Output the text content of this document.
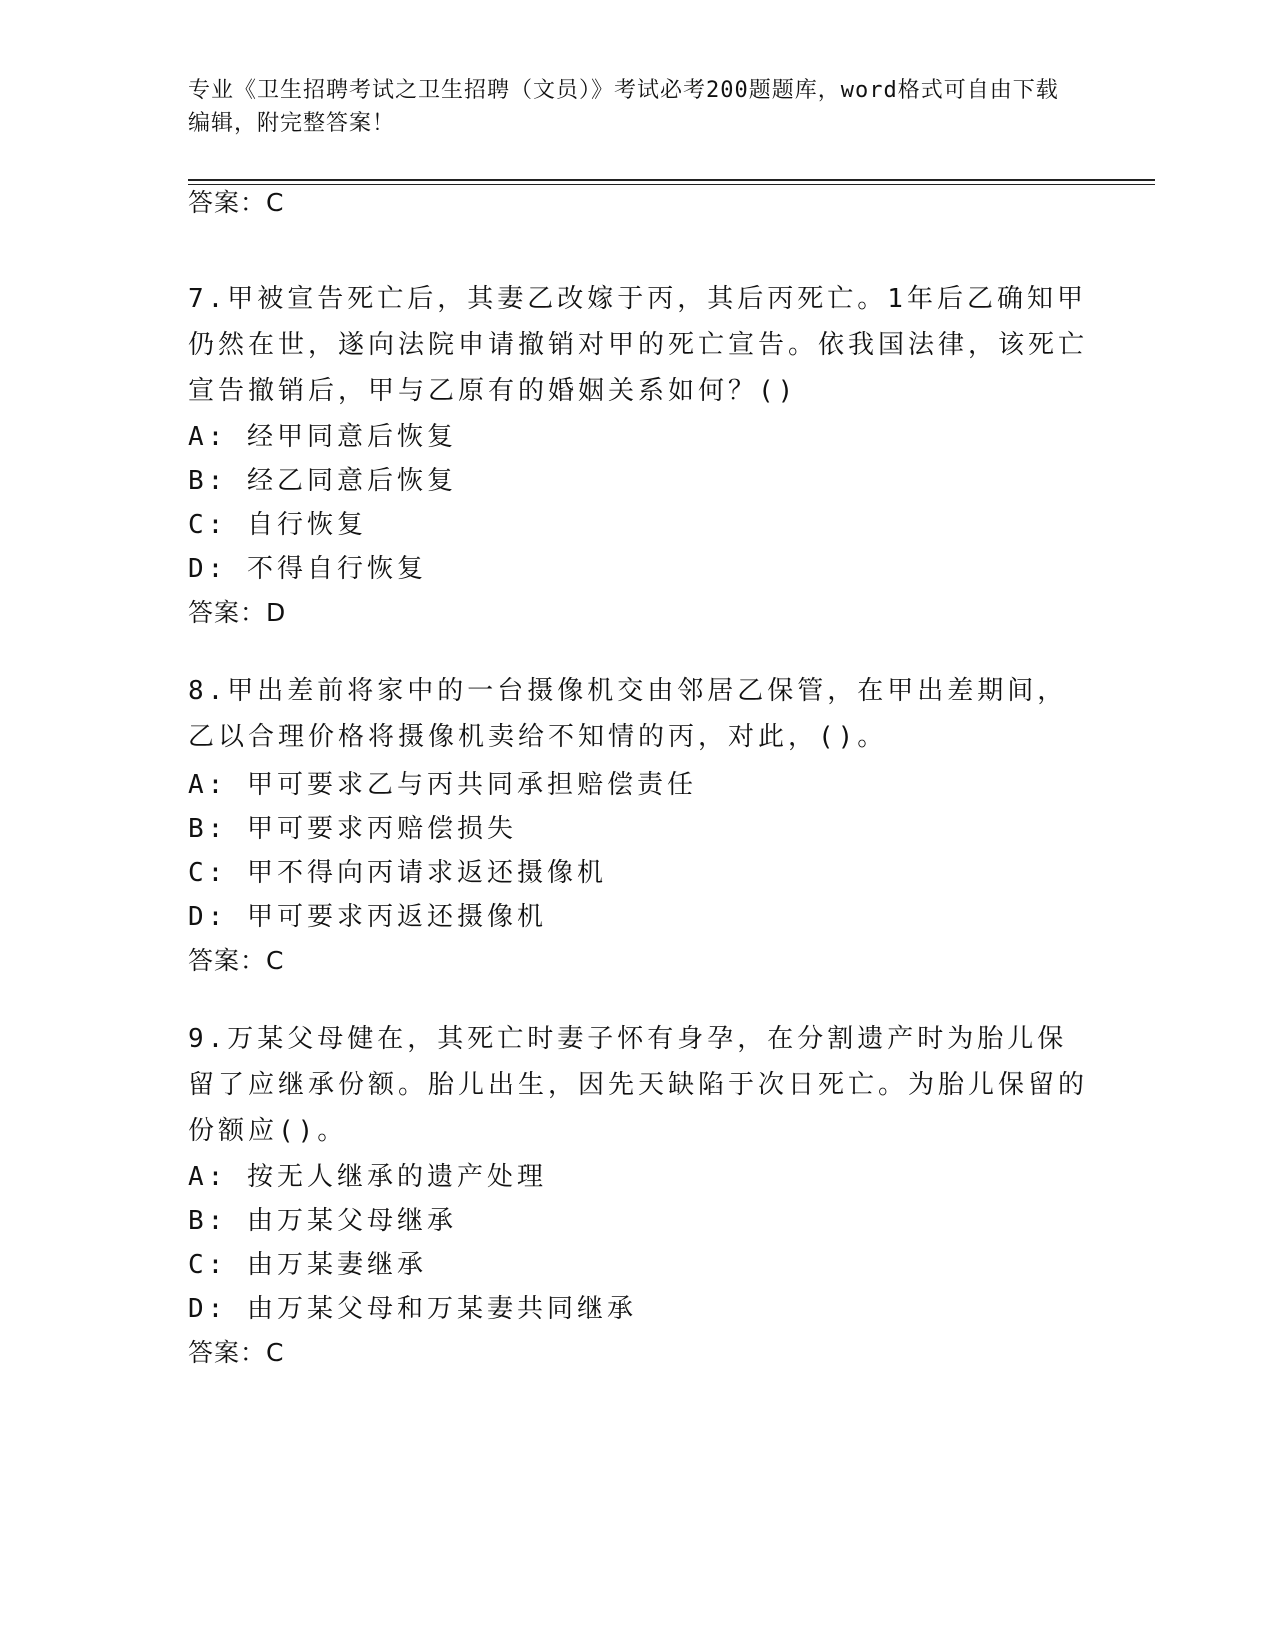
专业《卫生招聘考试之卫生招聘（文员）》考试必考200题题库，word格式可自由下载编辑，附完整答案！
答案：C
7.甲被宣告死亡后，其妻乙改嫁于丙，其后丙死亡。1年后乙确知甲仍然在世，遂向法院申请撤销对甲的死亡宣告。依我国法律，该死亡宣告撤销后，甲与乙原有的婚姻关系如何？()
A: 经甲同意后恢复
B: 经乙同意后恢复
C: 自行恢复
D: 不得自行恢复
答案：D
8.甲出差前将家中的一台摄像机交由邻居乙保管，在甲出差期间，乙以合理价格将摄像机卖给不知情的丙，对此，()。
A: 甲可要求乙与丙共同承担赔偿责任
B: 甲可要求丙赔偿损失
C: 甲不得向丙请求返还摄像机
D: 甲可要求丙返还摄像机
答案：C
9.万某父母健在，其死亡时妻子怀有身孕，在分割遗产时为胎儿保留了应继承份额。胎儿出生，因先天缺陷于次日死亡。为胎儿保留的份额应()。
A: 按无人继承的遗产处理
B: 由万某父母继承
C: 由万某妻继承
D: 由万某父母和万某妻共同继承
答案：C
